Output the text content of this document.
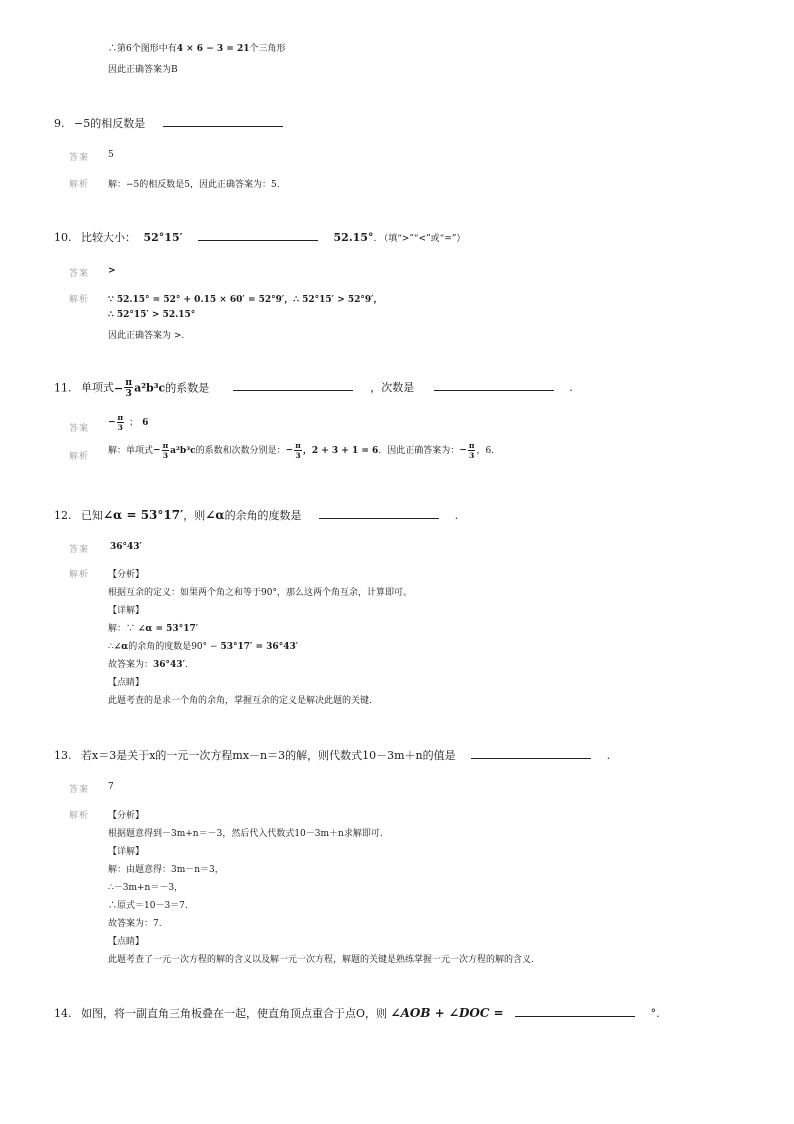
∴第6个图形中有4 × 6 − 3 = 21个三角形
因此正确答案为B
9. −5的相反数是
答案 5
解析 解：−5的相反数是5，因此正确答案为：5.
10. 比较大小： 52°15′	52.15°. （填“>”“<”或“=”）
答案 >
解析 ∵ 52.15° = 52° + 0.15 × 60′ = 52°9′，∴ 52°15′ > 52°9′，
∴ 52°15′ > 52.15°
因此正确答案为 >.
11. 单项式− $\frac{\pi}{3} a^2b^3c$的系数是	，次数是	.
答案
− $\frac{\pi}{3}$ ； 6
解析
解：单项式− $\frac{\pi}{3} a^2b^3c$的系数和次数分别是：− $\frac{\pi}{3}$ ，2 + 3 + 1 = 6．因此正确答案为：− $\frac{\pi}{3}$ ，6.
12. 已知∠α = 53°17′，则∠α的余角的度数是	.
答案 36°43′
解析 【分析】
根据互余的定义：如果两个角之和等于90°，那么这两个角互余，计算即可。
【详解】
解：∵ ∠α = 53°17′
∴∠α的余角的度数是90° − 53°17′ = 36°43′
故答案为：36°43′.
【点睛】
此题考查的是求一个角的余角，掌握互余的定义是解决此题的关键.
13. 若x＝3是关于x的一元一次方程mx－n＝3的解，则代数式10－3m＋n的值是	.
答案 7
解析 【分析】
根据题意得到－3m+n＝－3，然后代入代数式10－3m＋n求解即可.
【详解】
解：由题意得：3m－n＝3，
∴－3m+n＝－3，
∴原式＝10－3＝7.
故答案为：7.
【点睛】
此题考查了一元一次方程的解的含义以及解一元一次方程，解题的关键是熟练掌握一元一次方程的解的含义.
14. 如图，将一副直角三角板叠在一起，使直角顶点重合于点O，则 ∠AOB + ∠DOC =	°.
